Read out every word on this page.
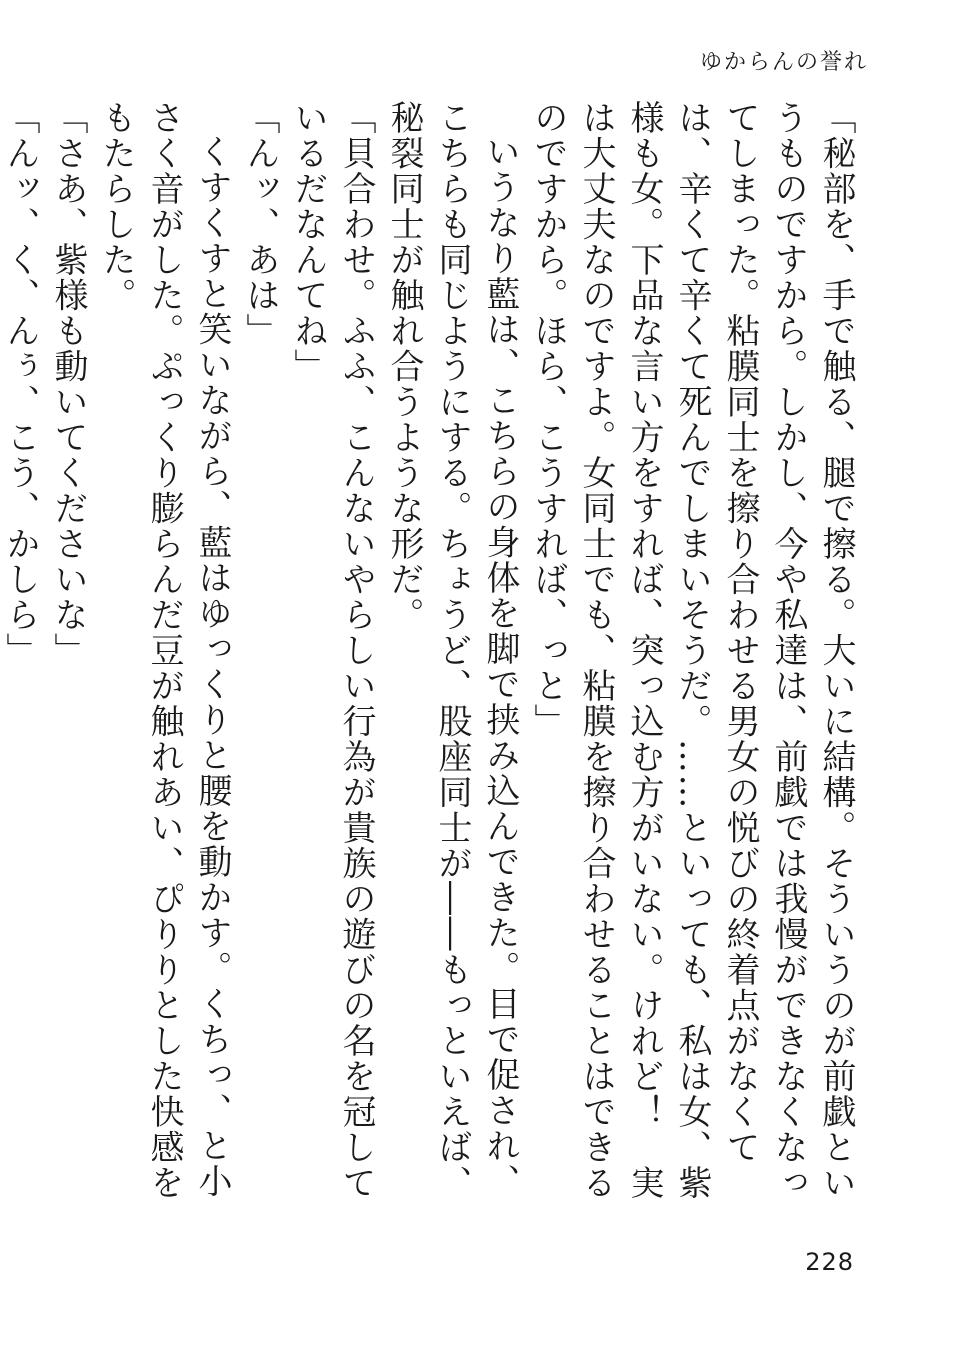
ゆからんの誉れ

「秘部を、手で触る、腿で擦る。大いに結構。そういうのが前戯というものですから。しかし、今や私達は、前戯では我慢ができなくなってしまった。粘膜同士を擦り合わせる男女の悦びの終着点がなくては、辛くて辛くて死んでしまいそうだ。……といっても、私は女、紫様も女。下品な言い方をすれば、突っ込む方がいない。けれど！　実は大丈夫なのですよ。女同士でも、粘膜を擦り合わせることはできるのですから。ほら、こうすれば、っと」

いうなり藍は、こちらの身体を脚で挟み込んできた。目で促され、こちらも同じようにする。ちょうど、股座同士が――もっといえば、秘裂同士が触れ合うような形だ。

「貝合わせ。ふふ、こんないやらしい行為が貴族の遊びの名を冠しているだなんてね」

「んッ、あは」

くすくすと笑いながら、藍はゆっくりと腰を動かす。くちっ、と小さく音がした。ぷっくり膨らんだ豆が触れあい、ぴりりとした快感をもたらした。

「さあ、紫様も動いてくださいな」

「んッ、く、んぅ、こう、かしら」

228
